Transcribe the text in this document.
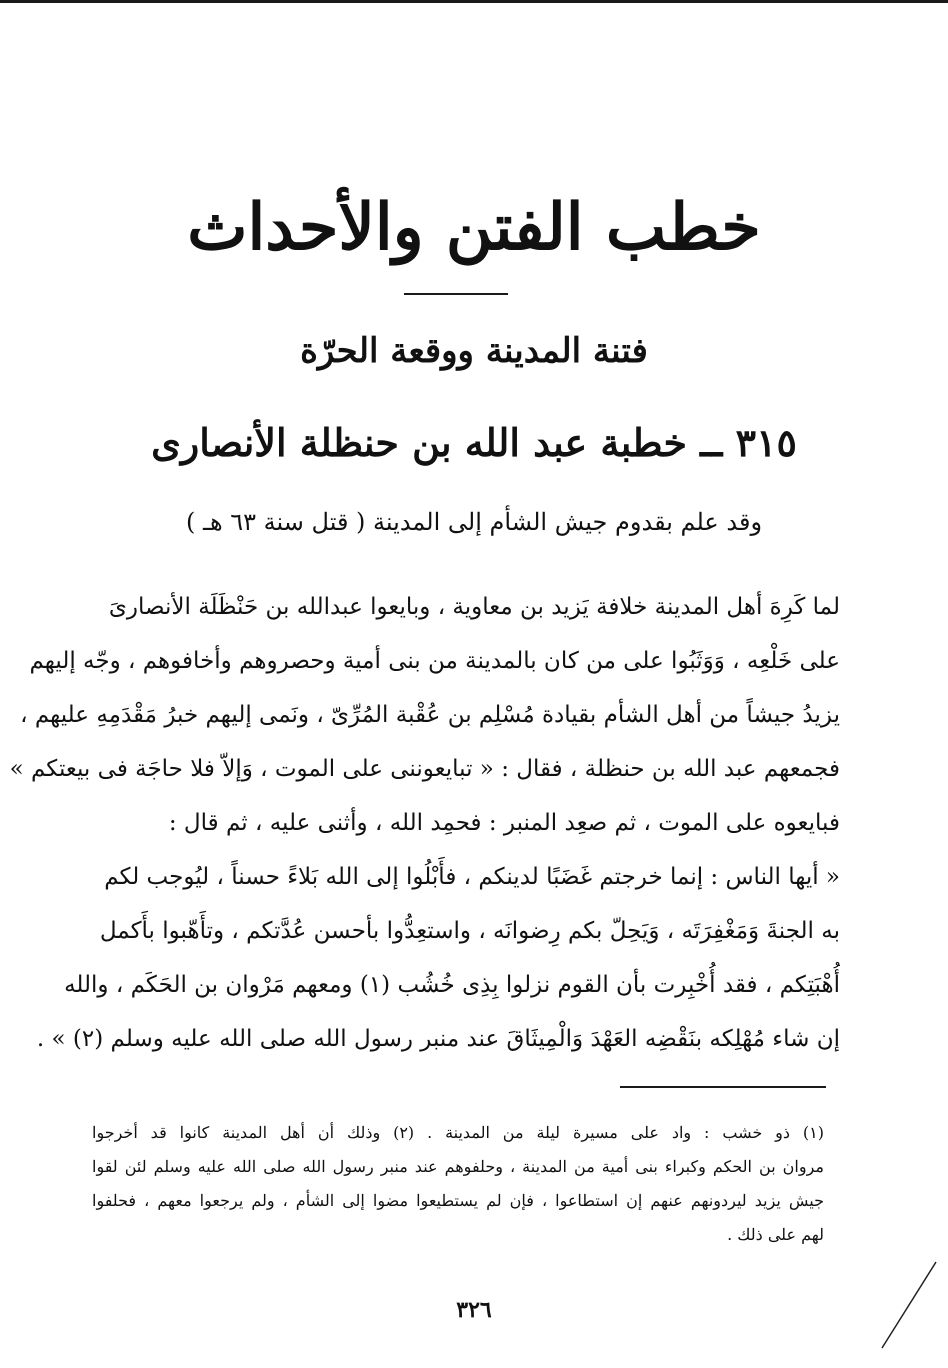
خطب الفتن والأحداث
فتنة المدينة ووقعة الحرّة
٣١٥ ــ خطبة عبد الله بن حنظلة الأنصارى
وقد علم بقدوم جيش الشأم إلى المدينة ( قتل سنة ٦٣ هـ )
لما كَرِهَ أهل المدينة خلافة يَزيد بن معاوية ، وبايعوا عبدالله بن حَنْظَلَة الأنصارىَ
على خَلْعِه ، وَوَثَبُوا على من كان بالمدينة من بنى أمية وحصروهم وأخافوهم ، وجّه إليهم
يزيدُ جيشاً من أهل الشأم بقيادة مُسْلِم بن عُقْبة المُرِّىّ ، ونَمى إليهم خبرُ مَقْدَمِهِ عليهم ،
فجمعهم عبد الله بن حنظلة ، فقال : « تبايعوننى على الموت ، وَإلاّ فلا حاجَة فى بيعتكم »
فبايعوه على الموت ، ثم صعِد المنبر : فحمِد الله ، وأثنى عليه ، ثم قال :
« أيها الناس : إنما خرجتم غَضَبًا لدينكم ، فأَبْلُوا إلى الله بَلاءً حسناً ، ليُوجب لكم
به الجنةَ وَمَغْفِرَتَه ، وَيَحِلّ بكم رِضوانَه ، واستعِدُّوا بأحسن عُدَّتكم ، وتأَهّبوا بأَكمل
أُهْبَتِكم ، فقد أُخْبِرت بأن القوم نزلوا بِذِى خُشُب (١) ومعهم مَرْوان بن الحَكَم ، والله
إن شاء مُهْلِكه بنَقْضِه العَهْدَ وَالْمِيثَاقَ عند منبر رسول الله صلى الله عليه وسلم (٢) » .
(١) ذو خشب : واد على مسيرة ليلة من المدينة . (٢) وذلك أن أهل المدينة كانوا قد أخرجوا
مروان بن الحكم وكبراء بنى أمية من المدينة ، وحلفوهم عند منبر رسول الله صلى الله عليه وسلم لئن لقوا
جيش يزيد ليردونهم عنهم إن استطاعوا ، فإن لم يستطيعوا مضوا إلى الشأم ، ولم يرجعوا معهم ، فحلفوا
لهم على ذلك .
٣٢٦
